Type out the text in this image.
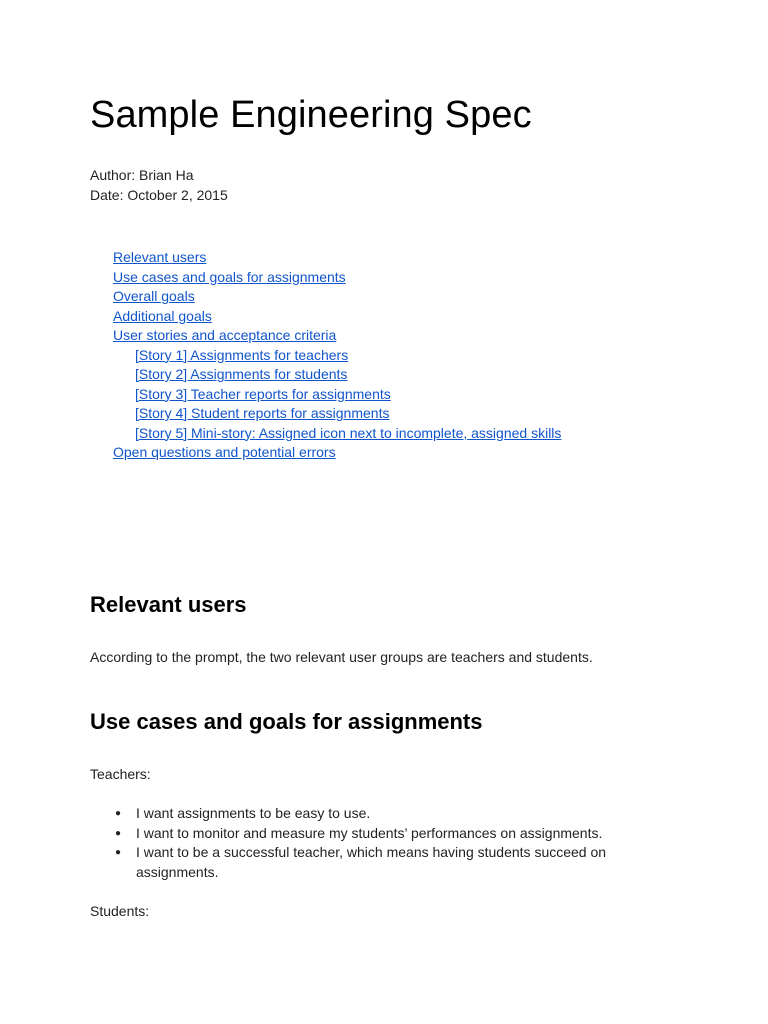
Sample Engineering Spec
Author: Brian Ha
Date: October 2, 2015
Relevant users
Use cases and goals for assignments
Overall goals
Additional goals
User stories and acceptance criteria
[Story 1] Assignments for teachers
[Story 2] Assignments for students
[Story 3] Teacher reports for assignments
[Story 4] Student reports for assignments
[Story 5] Mini-story: Assigned icon next to incomplete, assigned skills
Open questions and potential errors
Relevant users

According to the prompt, the two relevant user groups are teachers and students.

Use cases and goals for assignments

Teachers:

● I want assignments to be easy to use.
● I want to monitor and measure my students’ performances on assignments.
● I want to be a successful teacher, which means having students succeed on assignments.

Students:
